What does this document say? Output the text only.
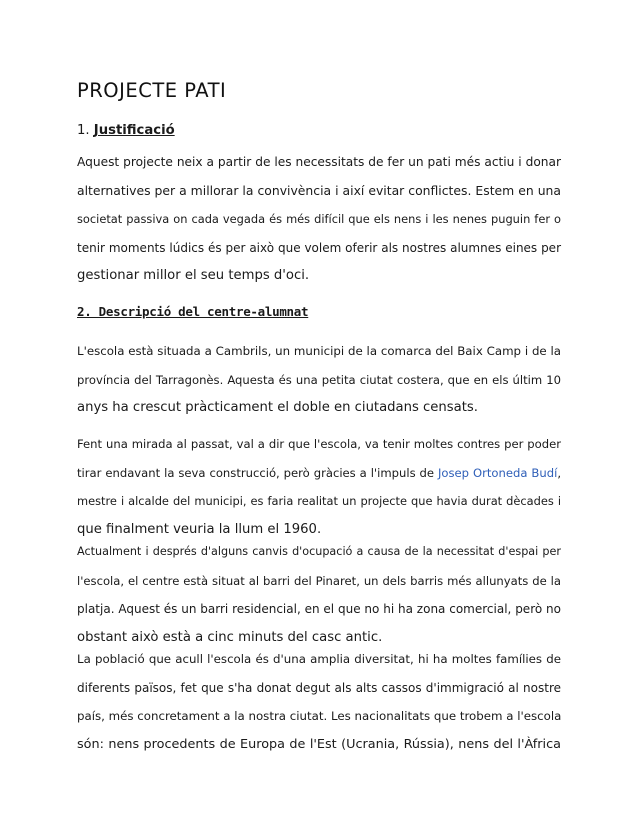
PROJECTE PATI
1. Justificació
Aquest projecte neix a partir de les necessitats de fer un pati més actiu i donar
alternatives per a millorar la convivència i així evitar conflictes. Estem en una
societat passiva on cada vegada és més difícil que els nens i les nenes puguin fer o
tenir moments lúdics és per això que volem oferir als nostres alumnes eines per
gestionar millor el seu temps d'oci.
2. Descripció del centre-alumnat
L'escola està situada a Cambrils, un municipi de la comarca del Baix Camp i de la
província del Tarragonès. Aquesta és una petita ciutat costera, que en els últim 10
anys ha crescut pràcticament el doble en ciutadans censats.
Fent una mirada al passat, val a dir que l'escola, va tenir moltes contres per poder
tirar endavant la seva construcció, però gràcies a l'impuls de Josep Ortoneda Budí,
mestre i alcalde del municipi, es faria realitat un projecte que havia durat dècades i
que finalment veuria la llum el 1960.
Actualment i després d'alguns canvis d'ocupació a causa de la necessitat d'espai per
l'escola, el centre està situat al barri del Pinaret, un dels barris més allunyats de la
platja. Aquest és un barri residencial, en el que no hi ha zona comercial, però no
obstant això està a cinc minuts del casc antic.
La població que acull l'escola és d'una amplia diversitat, hi ha moltes famílies de
diferents països, fet que s'ha donat degut als alts cassos d'immigració al nostre
país, més concretament a la nostra ciutat. Les nacionalitats que trobem a l'escola
són: nens procedents de Europa de l'Est (Ucrania, Rússia), nens del l'Àfrica
